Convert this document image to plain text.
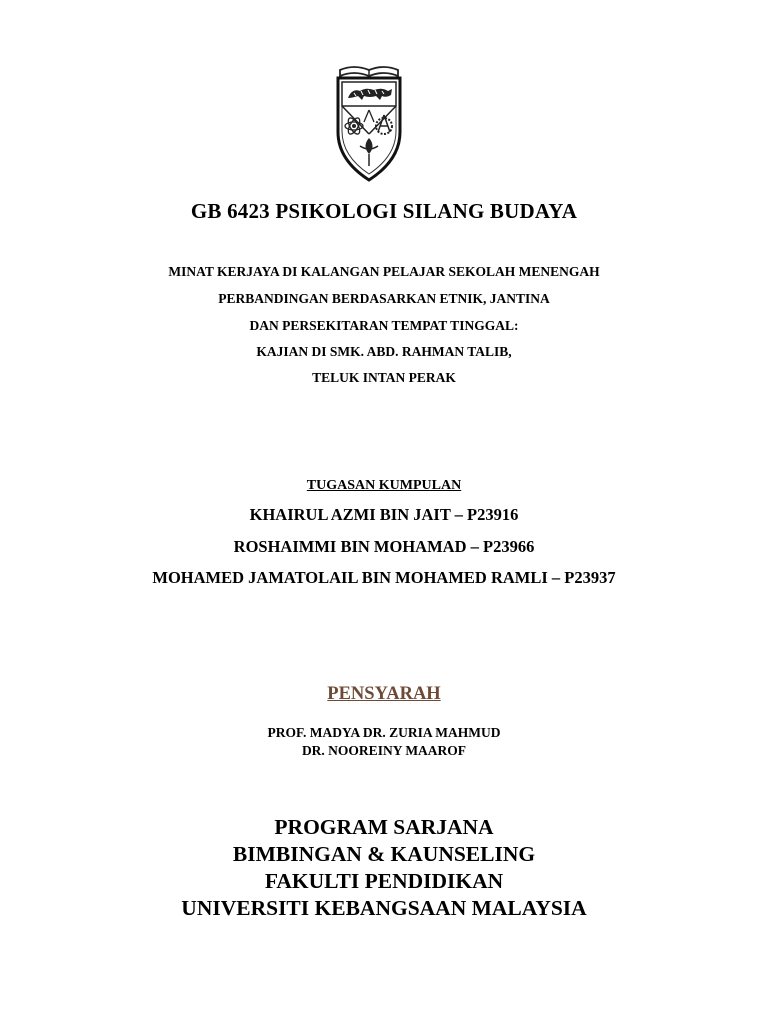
GB 6423 PSIKOLOGI SILANG BUDAYA
MINAT KERJAYA DI KALANGAN PELAJAR SEKOLAH MENENGAH
PERBANDINGAN BERDASARKAN ETNIK, JANTINA
DAN PERSEKITARAN TEMPAT TINGGAL:
KAJIAN DI SMK. ABD. RAHMAN TALIB,
TELUK INTAN PERAK
TUGASAN KUMPULAN
KHAIRUL AZMI BIN JAIT – P23916
ROSHAIMMI BIN MOHAMAD – P23966
MOHAMED JAMATOLAIL BIN MOHAMED RAMLI – P23937
PENSYARAH
PROF. MADYA DR. ZURIA MAHMUD
DR. NOOREINY MAAROF
PROGRAM SARJANA
BIMBINGAN & KAUNSELING
FAKULTI PENDIDIKAN
UNIVERSITI KEBANGSAAN MALAYSIA
